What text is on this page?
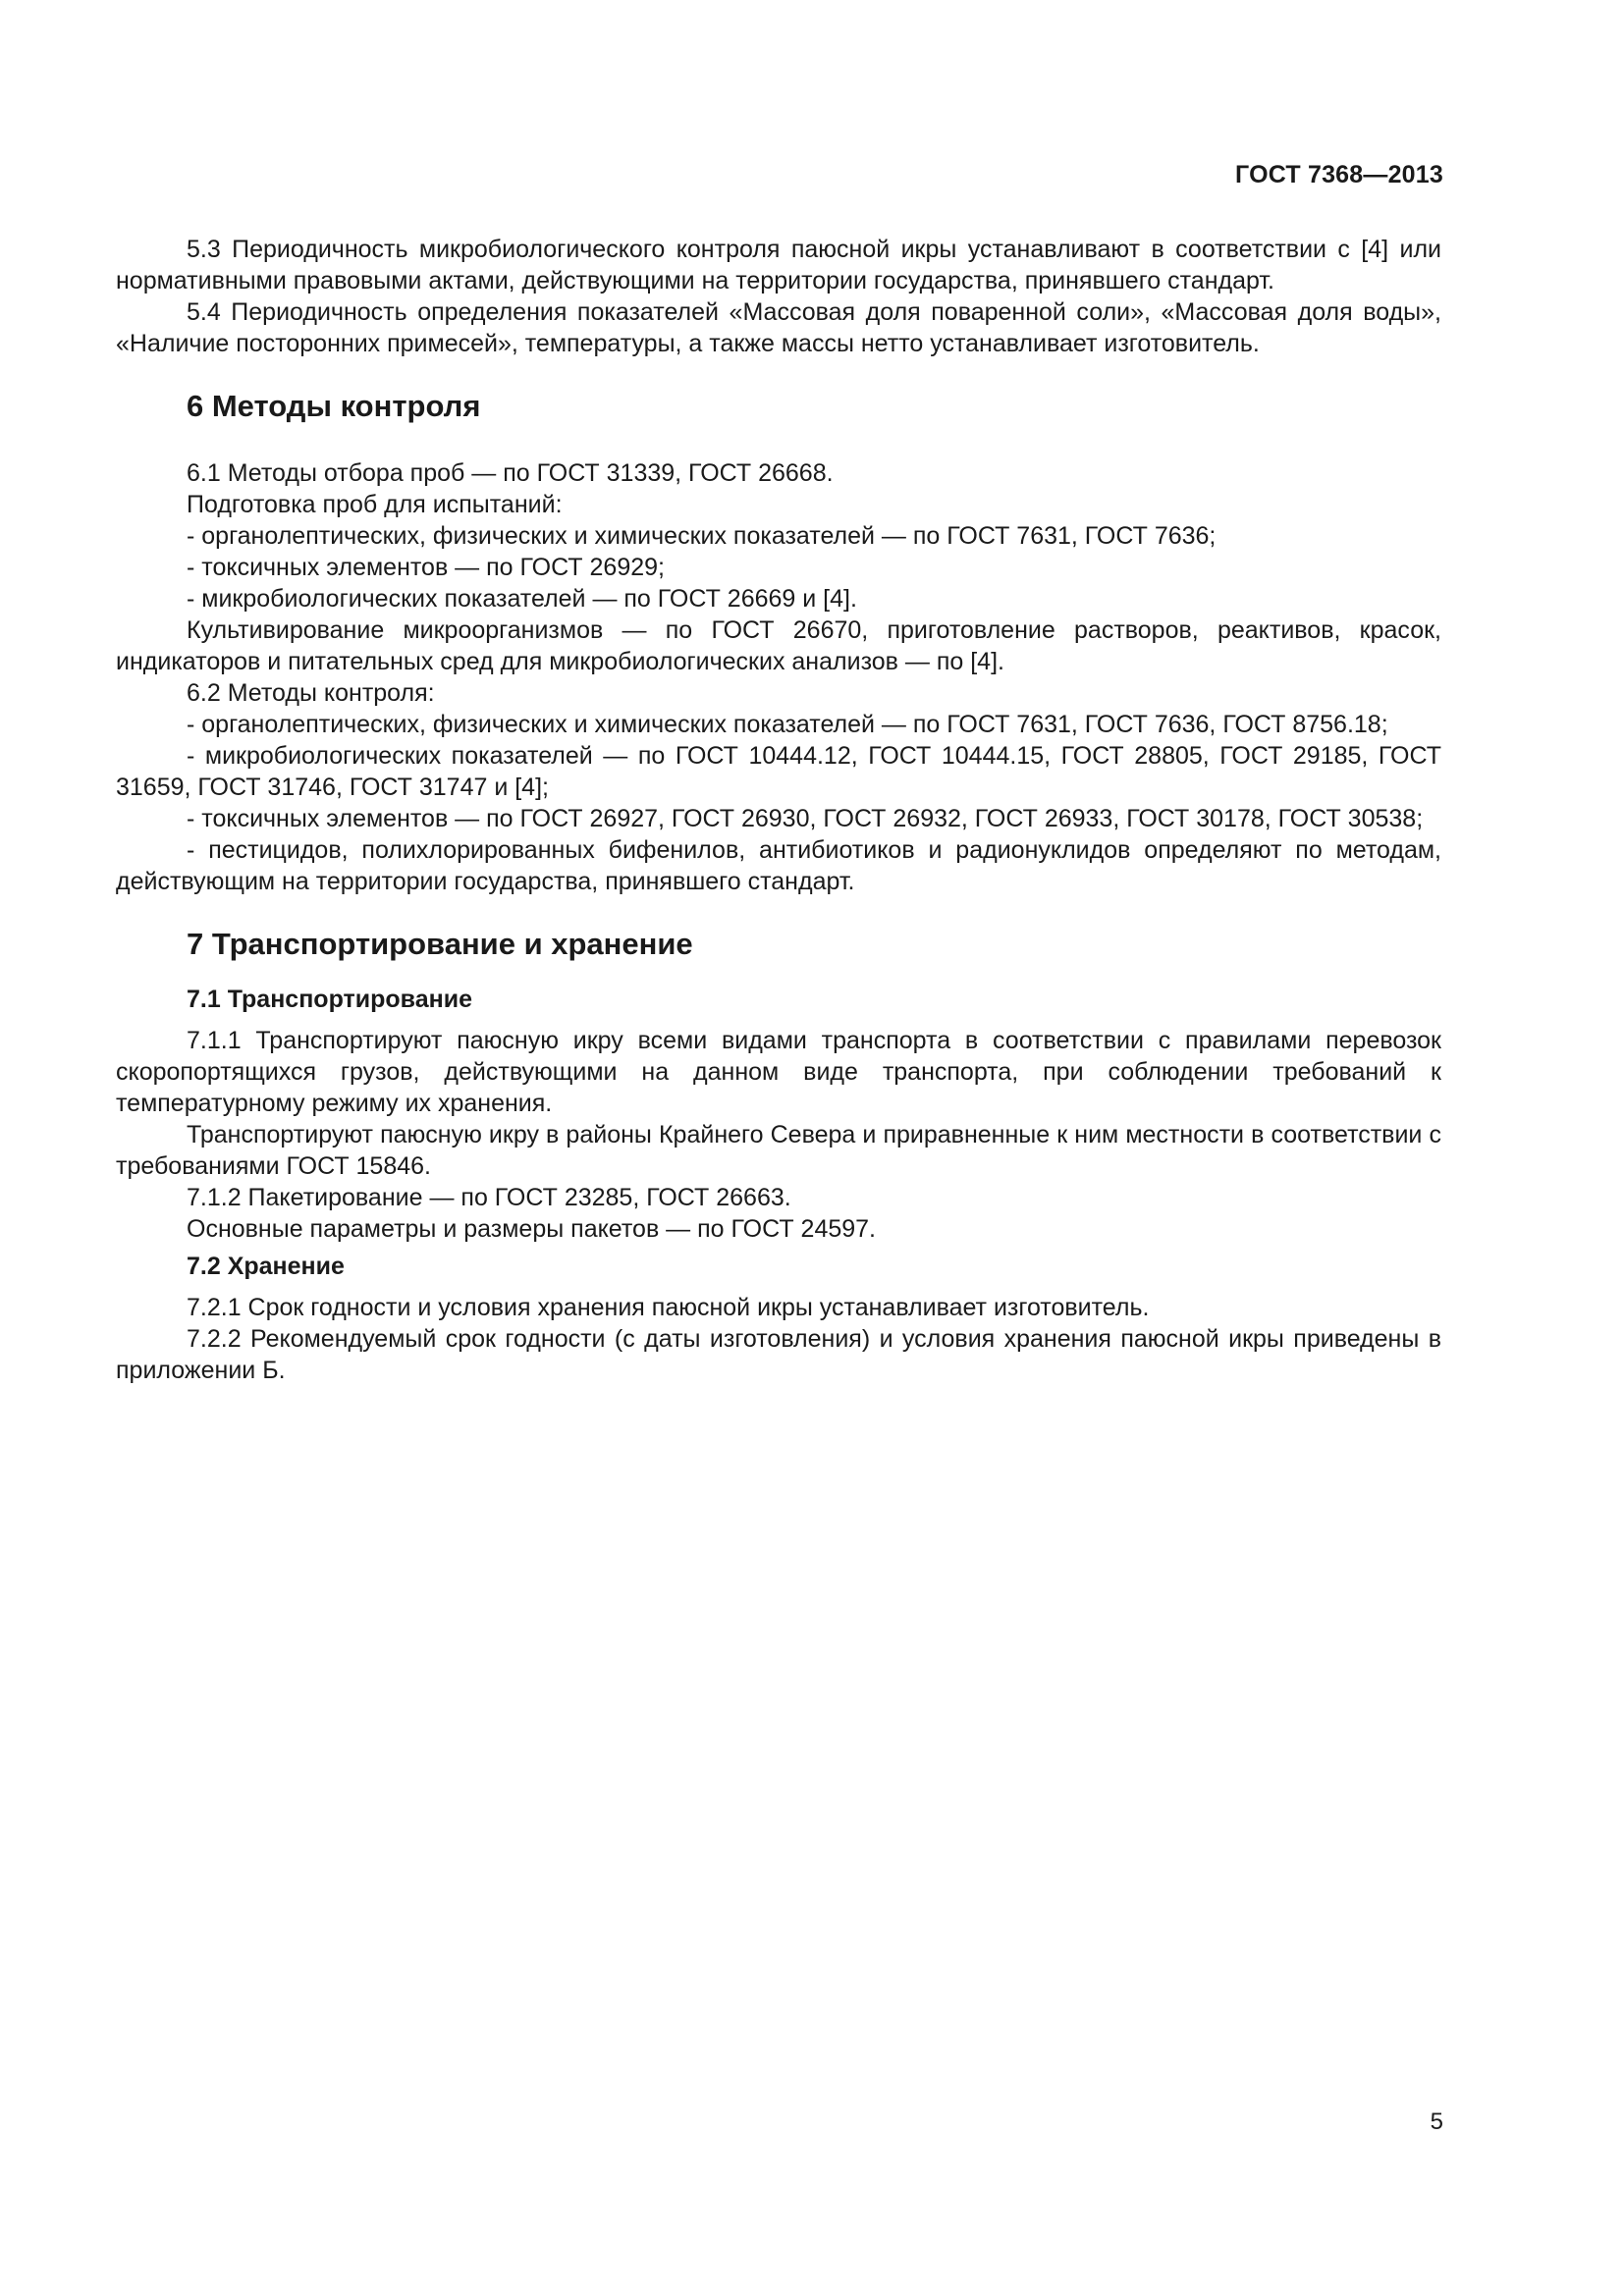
ГОСТ 7368—2013

5.3 Периодичность микробиологического контроля паюсной икры устанавливают в соответствии с [4] или нормативными правовыми актами, действующими на территории государства, принявшего стандарт.

5.4 Периодичность определения показателей «Массовая доля поваренной соли», «Массовая доля воды», «Наличие посторонних примесей», температуры, а также массы нетто устанавливает изготовитель.

6 Методы контроля

6.1 Методы отбора проб — по ГОСТ 31339, ГОСТ 26668.

Подготовка проб для испытаний:

- органолептических, физических и химических показателей — по ГОСТ 7631, ГОСТ 7636;

- токсичных элементов — по ГОСТ 26929;

- микробиологических показателей — по ГОСТ 26669 и [4].

Культивирование микроорганизмов — по ГОСТ 26670, приготовление растворов, реактивов, красок, индикаторов и питательных сред для микробиологических анализов — по [4].

6.2 Методы контроля:

- органолептических, физических и химических показателей — по ГОСТ 7631, ГОСТ 7636, ГОСТ 8756.18;

- микробиологических показателей — по ГОСТ 10444.12, ГОСТ 10444.15, ГОСТ 28805, ГОСТ 29185, ГОСТ 31659, ГОСТ 31746, ГОСТ 31747 и [4];

- токсичных элементов — по ГОСТ 26927, ГОСТ 26930, ГОСТ 26932, ГОСТ 26933, ГОСТ 30178, ГОСТ 30538;

- пестицидов, полихлорированных бифенилов, антибиотиков и радионуклидов определяют по методам, действующим на территории государства, принявшего стандарт.

7 Транспортирование и хранение
7.1 Транспортирование

7.1.1 Транспортируют паюсную икру всеми видами транспорта в соответствии с правилами перевозок скоропортящихся грузов, действующими на данном виде транспорта, при соблюдении требований к температурному режиму их хранения.

Транспортируют паюсную икру в районы Крайнего Севера и приравненные к ним местности в соответствии с требованиями ГОСТ 15846.

7.1.2 Пакетирование — по ГОСТ 23285, ГОСТ 26663.

Основные параметры и размеры пакетов — по ГОСТ 24597.

7.2 Хранение

7.2.1 Срок годности и условия хранения паюсной икры устанавливает изготовитель.

7.2.2 Рекомендуемый срок годности (с даты изготовления) и условия хранения паюсной икры приведены в приложении Б.

5
